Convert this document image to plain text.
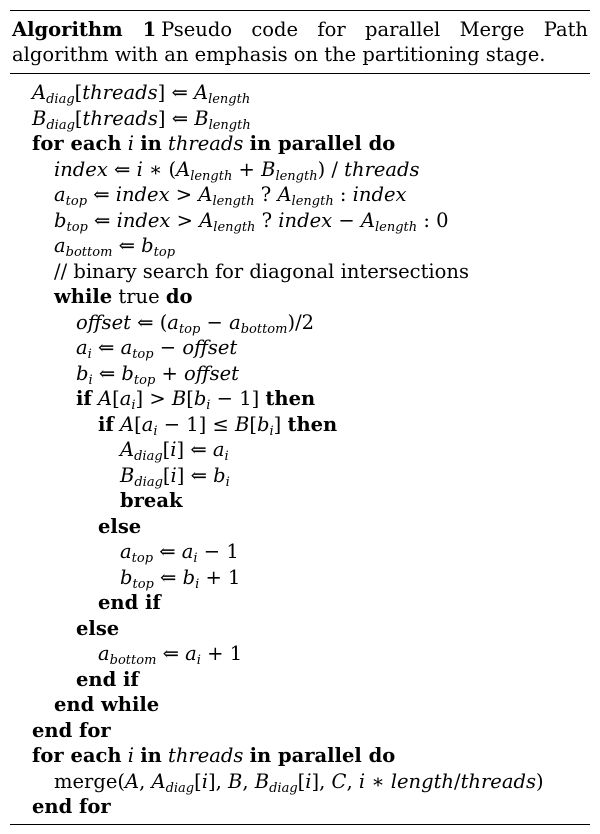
Algorithm 1 Pseudo code for parallel Merge Path algorithm with an emphasis on the partitioning stage.
$A_{diag}[threads]$ ⇐ $A_{length}$
$B_{diag}[threads]$ ⇐ $B_{length}$
for each i in threads in parallel do
index ⇐ i ∗ $(A_{length} + B_{length})$ / threads
$a_{top}$ ⇐ index > $A_{length}$ ? $A_{length}$ : index
$b_{top}$ ⇐ index > $A_{length}$ ? index − $A_{length}$ : 0
$a_{bottom}$ ⇐ $b_{top}$
// binary search for diagonal intersections
while true do
offset ⇐ $(a_{top} - a_{bottom})/2$
$a_i$ ⇐ $a_{top}$ − offset
$b_i$ ⇐ $b_{top}$ + offset
if $A[a_i] > B[b_i - 1]$ then
if $A[a_i - 1] \le B[b_i]$ then
$A_{diag}[i]$ ⇐ $a_i$
$B_{diag}[i]$ ⇐ $b_i$
break
else
$a_{top}$ ⇐ $a_i - 1$
$b_{top}$ ⇐ $b_i + 1$
end if
else
$a_{bottom}$ ⇐ $a_i + 1$
end if
end while
end for
for each i in threads in parallel do
merge(A, $A_{diag}[i]$, B, $B_{diag}[i]$, C, i ∗ length/threads)
end for
